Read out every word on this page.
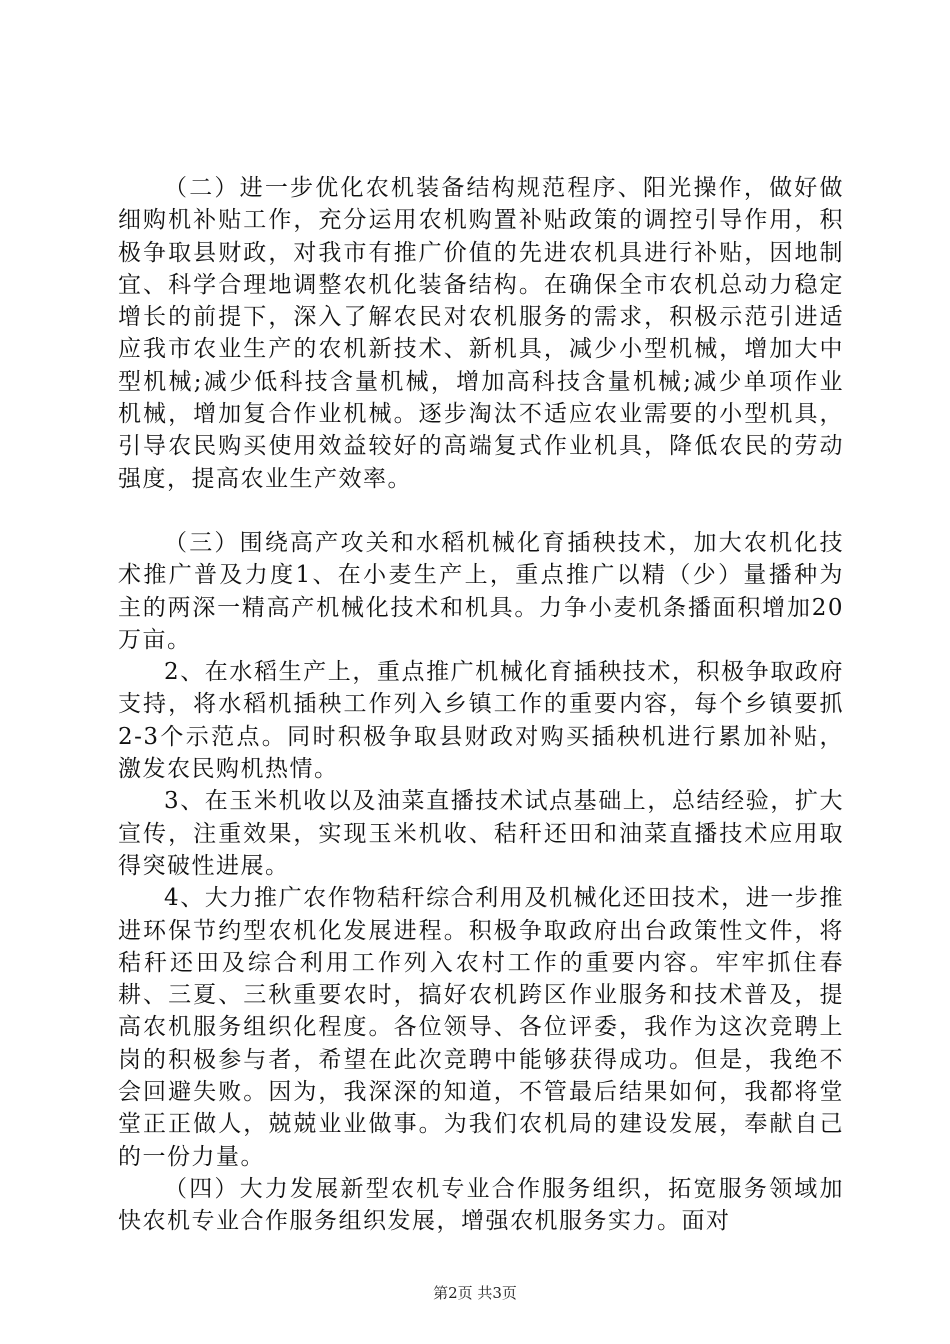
（二）进一步优化农机装备结构规范程序、阳光操作，做好做细购机补贴工作，充分运用农机购置补贴政策的调控引导作用，积极争取县财政，对我市有推广价值的先进农机具进行补贴，因地制宜、科学合理地调整农机化装备结构。在确保全市农机总动力稳定增长的前提下，深入了解农民对农机服务的需求，积极示范引进适应我市农业生产的农机新技术、新机具，减少小型机械，增加大中型机械;减少低科技含量机械，增加高科技含量机械;减少单项作业机械，增加复合作业机械。逐步淘汰不适应农业需要的小型机具，引导农民购买使用效益较好的高端复式作业机具，降低农民的劳动强度，提高农业生产效率。

（三）围绕高产攻关和水稻机械化育插秧技术，加大农机化技术推广普及力度1、在小麦生产上，重点推广以精（少）量播种为主的两深一精高产机械化技术和机具。力争小麦机条播面积增加20万亩。

2、在水稻生产上，重点推广机械化育插秧技术，积极争取政府支持，将水稻机插秧工作列入乡镇工作的重要内容，每个乡镇要抓2-3个示范点。同时积极争取县财政对购买插秧机进行累加补贴，激发农民购机热情。

3、在玉米机收以及油菜直播技术试点基础上，总结经验，扩大宣传，注重效果，实现玉米机收、秸秆还田和油菜直播技术应用取得突破性进展。

4、大力推广农作物秸秆综合利用及机械化还田技术，进一步推进环保节约型农机化发展进程。积极争取政府出台政策性文件，将秸秆还田及综合利用工作列入农村工作的重要内容。牢牢抓住春耕、三夏、三秋重要农时，搞好农机跨区作业服务和技术普及，提高农机服务组织化程度。各位领导、各位评委，我作为这次竞聘上岗的积极参与者，希望在此次竞聘中能够获得成功。但是，我绝不会回避失败。因为，我深深的知道，不管最后结果如何，我都将堂堂正正做人，兢兢业业做事。为我们农机局的建设发展，奉献自己的一份力量。

（四）大力发展新型农机专业合作服务组织，拓宽服务领域加快农机专业合作服务组织发展，增强农机服务实力。面对

第2页 共3页
